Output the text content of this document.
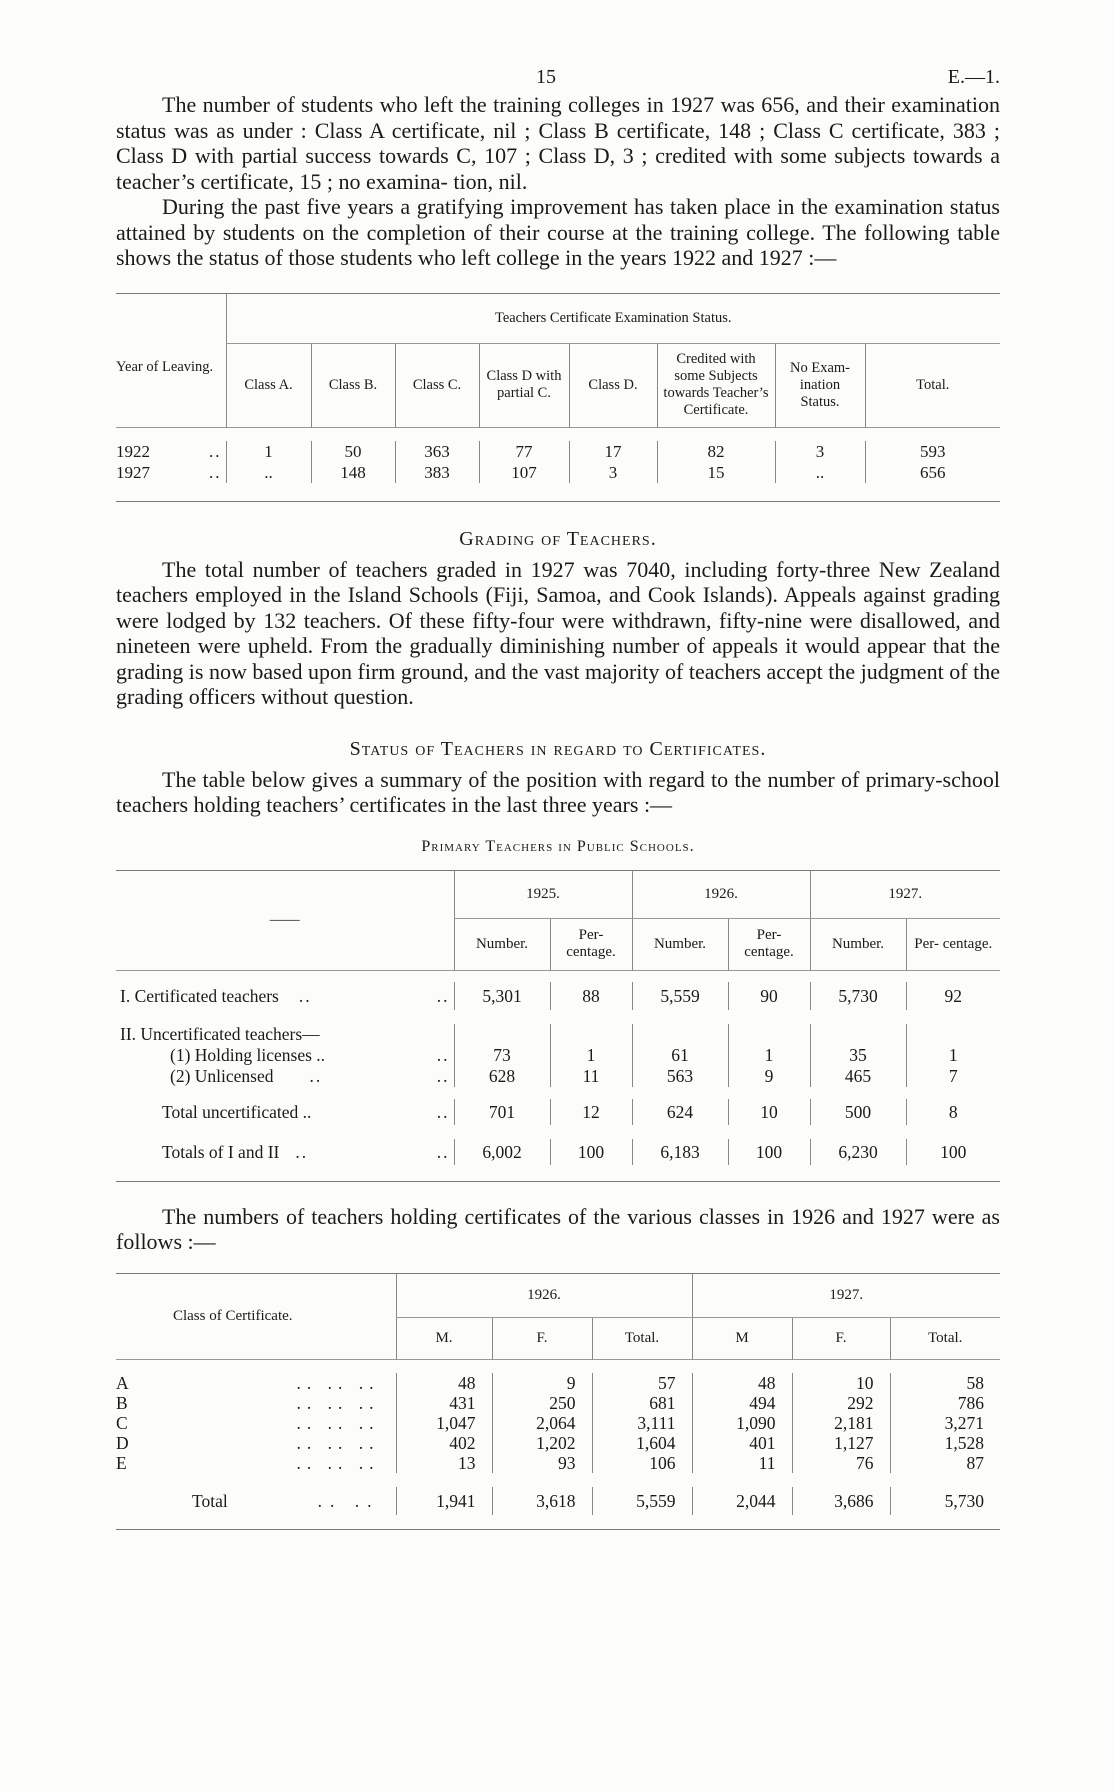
15	E.—1.

The number of students who left the training colleges in 1927 was 656, and their examination status was as under : Class A certificate, nil ; Class B certificate, 148 ; Class C certificate, 383 ; Class D with partial success towards C, 107 ; Class D, 3 ; credited with some subjects towards a teacher’s certificate, 15 ; no examina- tion, nil.

During the past five years a gratifying improvement has taken place in the examination status attained by students on the completion of their course at the training college. The following table shows the status of those students who left college in the years 1922 and 1927 :—

	Teachers Certificate Examination Status.							
Year of Leaving.	Class A.	Class B.	Class C.	Class D with partial C.	Class D.	Credited with some Subjects towards Teacher’s Certificate.	No Exam- ination Status.	Total.

1922 ..	1	50	363	77	17	82	3	593
1927 ..	..	148	383	107	3	15	..	656

Grading of Teachers.

The total number of teachers graded in 1927 was 7040, including forty-three New Zealand teachers employed in the Island Schools (Fiji, Samoa, and Cook Islands). Appeals against grading were lodged by 132 teachers. Of these fifty-four were withdrawn, fifty-nine were disallowed, and nineteen were upheld. From the gradually diminishing number of appeals it would appear that the grading is now based upon firm ground, and the vast majority of teachers accept the judgment of the grading officers without question.

Status of Teachers in regard to Certificates.

The table below gives a summary of the position with regard to the number of primary-school teachers holding teachers’ certificates in the last three years :—

Primary Teachers in Public Schools.
——	1925.		1926.		1927.	
	Number.	Per- centage.	Number.	Per- centage.	Number.	Per- centage.

I. Certificated teachers .. ..	5,301	88	5,559	90	5,730	92

II. Uncertificated teachers—						
(1) Holding licenses .. ..	73	1	61	1	35	1
(2) Unlicensed .. ..	628	11	563	9	465	7

Total uncertificated .. ..	701	12	624	10	500	8

Totals of I and II .. ..	6,002	100	6,183	100	6,230	100

The numbers of teachers holding certificates of the various classes in 1926 and 1927 were as follows :—

Class of Certificate.	1926.			1927.		
	M.	F.	Total.	M	F.	Total.

A .. .. ..	48	9	57	48	10	58
B .. .. ..	431	250	681	494	292	786
C .. .. ..	1,047	2,064	3,111	1,090	2,181	3,271
D .. .. ..	402	1,202	1,604	401	1,127	1,528
E .. .. ..	13	93	106	11	76	87

Total .. ..	1,941	3,618	5,559	2,044	3,686	5,730
